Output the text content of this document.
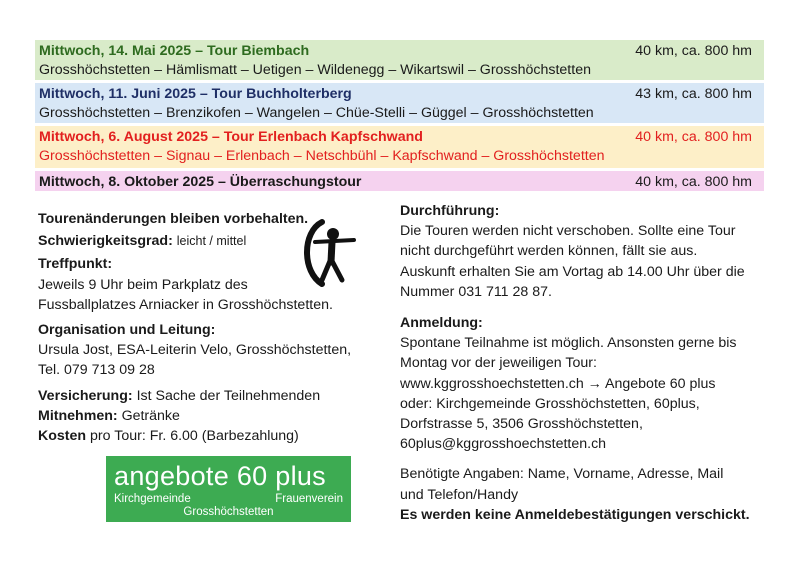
Mittwoch, 14. Mai 2025 – Tour Biembach	40 km, ca. 800 hm
Grosshöchstetten – Hämlismatt – Uetigen – Wildenegg – Wikartswil – Grosshöchstetten
Mittwoch, 11. Juni 2025 – Tour Buchholterberg	43 km, ca. 800 hm
Grosshöchstetten – Brenzikofen – Wangelen – Chüe-Stelli – Güggel – Grosshöchstetten
Mittwoch, 6. August 2025 – Tour Erlenbach Kapfschwand	40 km, ca. 800 hm
Grosshöchstetten – Signau – Erlenbach – Netschbühl – Kapfschwand – Grosshöchstetten
Mittwoch, 8. Oktober 2025 – Überraschungstour	40 km, ca. 800 hm
Tourenänderungen bleiben vorbehalten.
Schwierigkeitsgrad: leicht / mittel
Treffpunkt:
Jeweils 9 Uhr beim Parkplatz des
Fussballplatzes Arniacker in Grosshöchstetten.
Organisation und Leitung:
Ursula Jost, ESA-Leiterin Velo, Grosshöchstetten,
Tel. 079 713 09 28
Versicherung: Ist Sache der Teilnehmenden
Mitnehmen: Getränke
Kosten pro Tour: Fr. 6.00 (Barbezahlung)
Durchführung:
Die Touren werden nicht verschoben. Sollte eine Tour
nicht durchgeführt werden können, fällt sie aus.
Auskunft erhalten Sie am Vortag ab 14.00 Uhr über die
Nummer 031 711 28 87.
Anmeldung:
Spontane Teilnahme ist möglich. Ansonsten gerne bis
Montag vor der jeweiligen Tour:
www.kggrosshoechstetten.ch → Angebote 60 plus
oder: Kirchgemeinde Grosshöchstetten, 60plus,
Dorfstrasse 5, 3506 Grosshöchstetten,
60plus@kggrosshoechstetten.ch
Benötigte Angaben: Name, Vorname, Adresse, Mail
und Telefon/Handy
Es werden keine Anmeldebestätigungen verschickt.
angebote 60 plus
Kirchgemeinde	Frauenverein
Grosshöchstetten
